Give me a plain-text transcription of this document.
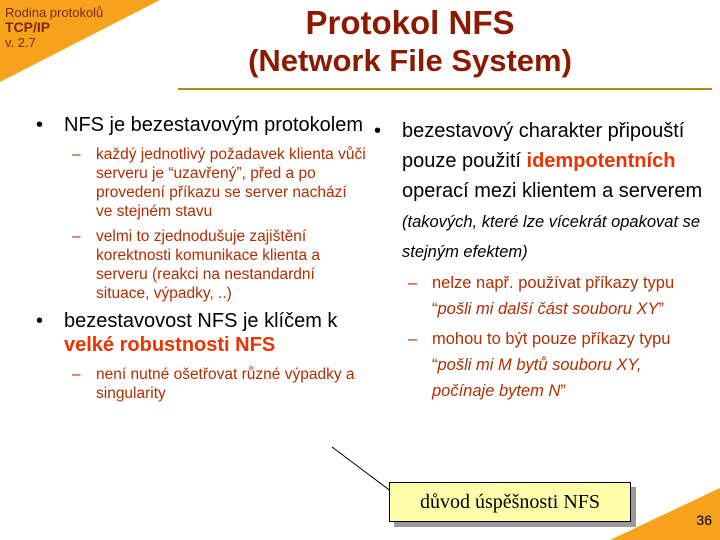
Rodina protokolů
TCP/IP
v. 2.7
Protokol NFS
(Network File System)
• NFS je bezestavovým protokolem
– každý jednotlivý požadavek klienta vůči serveru je “uzavřený”, před a po provedení příkazu se server nachází ve stejném stavu
– velmi to zjednodušuje zajištění korektnosti komunikace klienta a serveru (reakci na nestandardní situace, výpadky, ..)
• bezestavovost NFS je klíčem k velké robustnosti NFS
– není nutné ošetřovat různé výpadky a singularity
• bezestavový charakter připouští pouze použití idempotentních operací mezi klientem a serverem
(takových, které lze vícekrát opakovat se stejným efektem)
– nelze např. používat příkazy typu “pošli mi další část souboru XY”
– mohou to být pouze příkazy typu “pošli mi M bytů souboru XY, počínaje bytem N”
důvod úspěšnosti NFS
36
